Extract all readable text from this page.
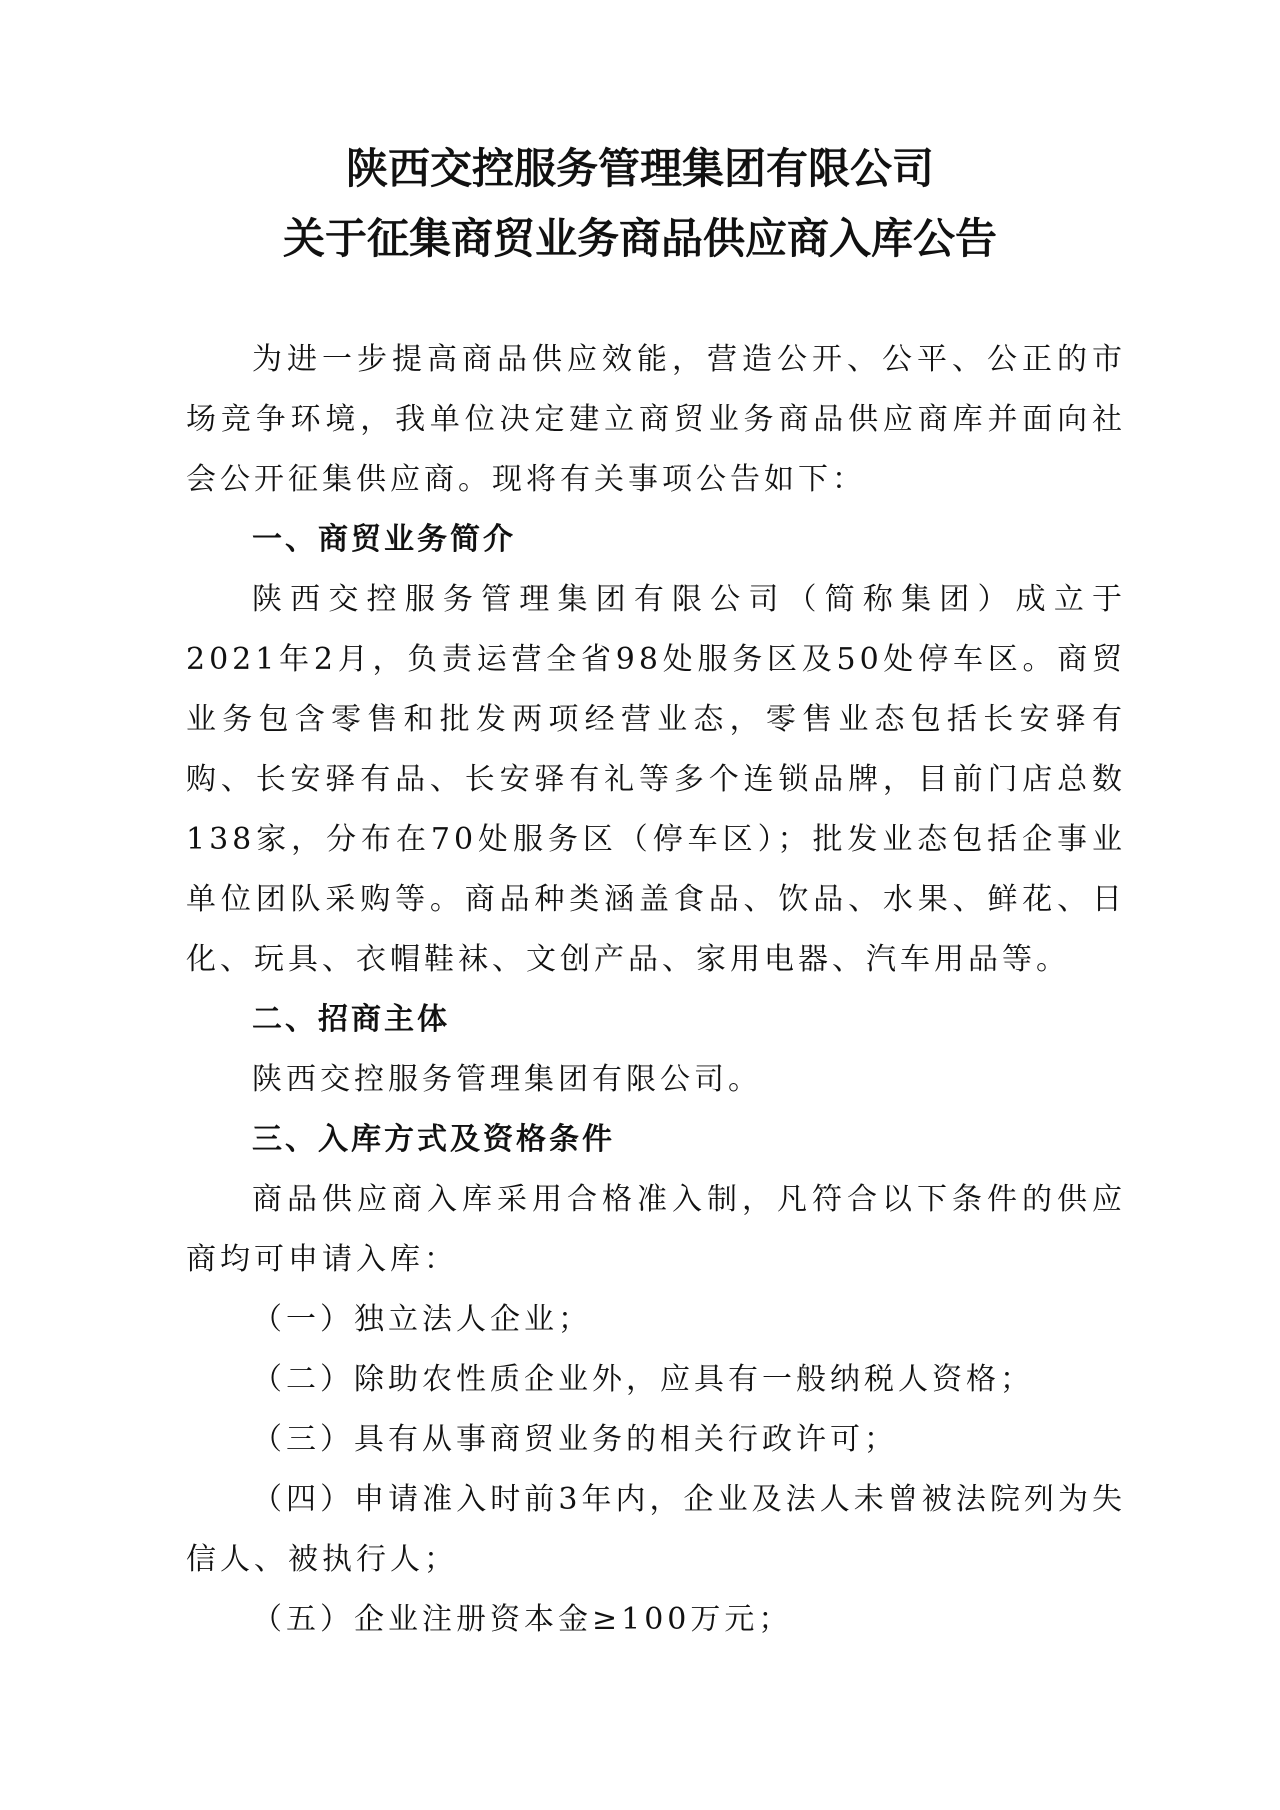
陕西交控服务管理集团有限公司
关于征集商贸业务商品供应商入库公告

为进一步提高商品供应效能，营造公开、公平、公正的市场竞争环境，我单位决定建立商贸业务商品供应商库并面向社会公开征集供应商。现将有关事项公告如下：

一、商贸业务简介

陕西交控服务管理集团有限公司（简称集团）成立于2021年2月，负责运营全省98处服务区及50处停车区。商贸业务包含零售和批发两项经营业态，零售业态包括长安驿有购、长安驿有品、长安驿有礼等多个连锁品牌，目前门店总数138家，分布在70处服务区（停车区）；批发业态包括企事业单位团队采购等。商品种类涵盖食品、饮品、水果、鲜花、日化、玩具、衣帽鞋袜、文创产品、家用电器、汽车用品等。

二、招商主体

陕西交控服务管理集团有限公司。

三、入库方式及资格条件

商品供应商入库采用合格准入制，凡符合以下条件的供应商均可申请入库：

（一）独立法人企业；

（二）除助农性质企业外，应具有一般纳税人资格；

（三）具有从事商贸业务的相关行政许可；

（四）申请准入时前3年内，企业及法人未曾被法院列为失信人、被执行人；

（五）企业注册资本金≥100万元；
